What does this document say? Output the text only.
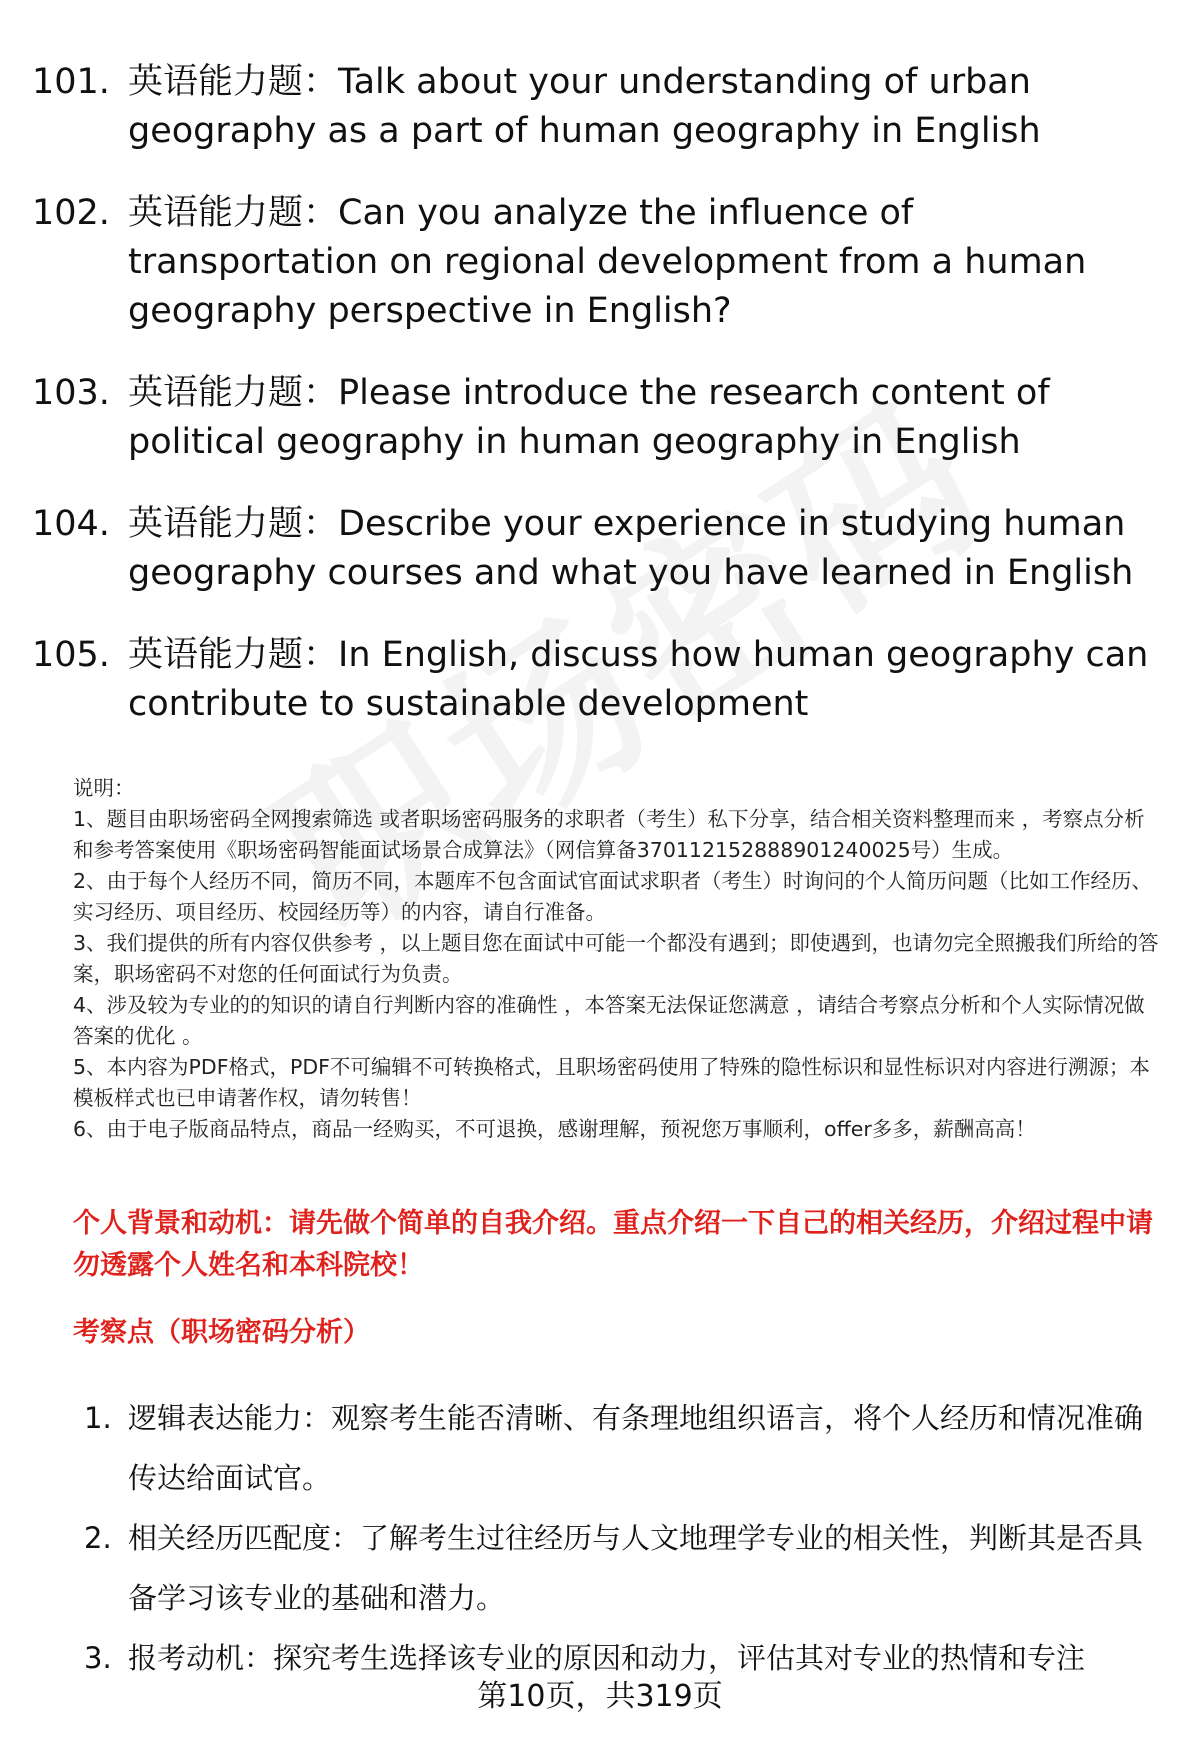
101. 英语能力题：Talk about your understanding of urban geography as a part of human geography in English
102. 英语能力题：Can you analyze the influence of transportation on regional development from a human geography perspective in English?
103. 英语能力题：Please introduce the research content of political geography in human geography in English
104. 英语能力题：Describe your experience in studying human geography courses and what you have learned in English
105. 英语能力题：In English, discuss how human geography can contribute to sustainable development

说明：

1、题目由职场密码全网搜索筛选 或者职场密码服务的求职者（考生）私下分享，结合相关资料整理而来 ，考察点分析和参考答案使用《职场密码智能面试场景合成算法》（网信算备370112152888901240025号）生成。

2、由于每个人经历不同，简历不同，本题库不包含面试官面试求职者（考生）时询问的个人简历问题（比如工作经历、实习经历、项目经历、校园经历等）的内容，请自行准备。

3、我们提供的所有内容仅供参考 ，以上题目您在面试中可能一个都没有遇到；即使遇到，也请勿完全照搬我们所给的答案，职场密码不对您的任何面试行为负责。

4、涉及较为专业的的知识的请自行判断内容的准确性 ，本答案无法保证您满意 ，请结合考察点分析和个人实际情况做答案的优化 。

5、本内容为PDF格式，PDF不可编辑不可转换格式，且职场密码使用了特殊的隐性标识和显性标识对内容进行溯源；本模板样式也已申请著作权，请勿转售！

6、由于电子版商品特点，商品一经购买，不可退换，感谢理解，预祝您万事顺利，offer多多，薪酬高高！

个人背景和动机：请先做个简单的自我介绍。重点介绍一下自己的相关经历，介绍过程中请勿透露个人姓名和本科院校！
考察点（职场密码分析）
1. 逻辑表达能力：观察考生能否清晰、有条理地组织语言，将个人经历和情况准确传达给面试官。
2. 相关经历匹配度：了解考生过往经历与人文地理学专业的相关性，判断其是否具备学习该专业的基础和潜力。
3. 报考动机：探究考生选择该专业的原因和动力，评估其对专业的热情和专注
第10页，共319页
